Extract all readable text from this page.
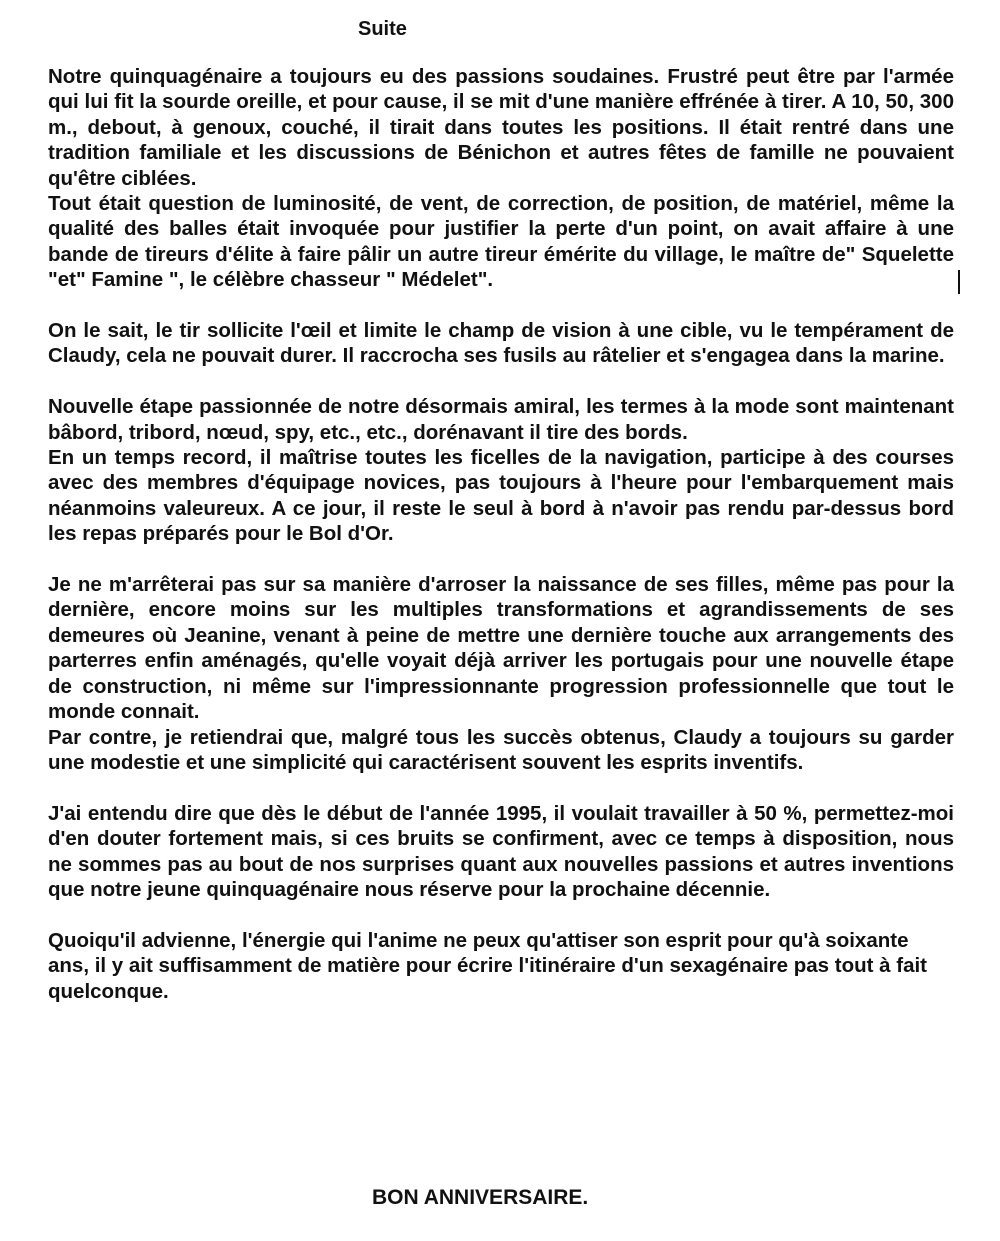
Suite

Notre quinquagénaire a toujours eu des passions soudaines. Frustré peut être par l'armée qui lui fit la sourde oreille, et pour cause, il se mit d'une manière effrénée à tirer. A 10, 50, 300 m., debout, à genoux, couché, il tirait dans toutes les positions. Il était rentré dans une tradition familiale et les discussions de Bénichon et autres fêtes de famille ne pouvaient qu'être ciblées.

Tout était question de luminosité, de vent, de correction, de position, de matériel, même la qualité des balles était invoquée pour justifier la perte d'un point, on avait affaire à une bande de tireurs d'élite à faire pâlir un autre tireur émérite du village, le maître de" Squelette "et" Famine ", le célèbre chasseur " Médelet".

On le sait, le tir sollicite l'œil et limite le champ de vision à une cible, vu le tempérament de Claudy, cela ne pouvait durer. Il raccrocha ses fusils au râtelier et s'engagea dans la marine.

Nouvelle étape passionnée de notre désormais amiral, les termes à la mode sont maintenant bâbord, tribord, nœud, spy, etc., etc., dorénavant il tire des bords.

En un temps record, il maîtrise toutes les ficelles de la navigation, participe à des courses avec des membres d'équipage novices, pas toujours à l'heure pour l'embarquement mais néanmoins valeureux. A ce jour, il reste le seul à bord à n'avoir pas rendu par-dessus bord les repas préparés pour le Bol d'Or.

Je ne m'arrêterai pas sur sa manière d'arroser la naissance de ses filles, même pas pour la dernière, encore moins sur les multiples transformations et agrandissements de ses demeures où Jeanine, venant à peine de mettre une dernière touche aux arrangements des parterres enfin aménagés, qu'elle voyait déjà arriver les portugais pour une nouvelle étape de construction, ni même sur l'impressionnante progression professionnelle que tout le monde connait.

Par contre, je retiendrai que, malgré tous les succès obtenus, Claudy a toujours su garder une modestie et une simplicité qui caractérisent souvent les esprits inventifs.

J'ai entendu dire que dès le début de l'année 1995, il voulait travailler à 50 %, permettez-moi d'en douter fortement mais, si ces bruits se confirment, avec ce temps à disposition, nous ne sommes pas au bout de nos surprises quant aux nouvelles passions et autres inventions que notre jeune quinquagénaire nous réserve pour la prochaine décennie.

Quoiqu'il advienne, l'énergie qui l'anime ne peux qu'attiser son esprit pour qu'à soixante ans, il y ait suffisamment de matière pour écrire l'itinéraire d'un sexagénaire pas tout à fait quelconque.

BON ANNIVERSAIRE.
